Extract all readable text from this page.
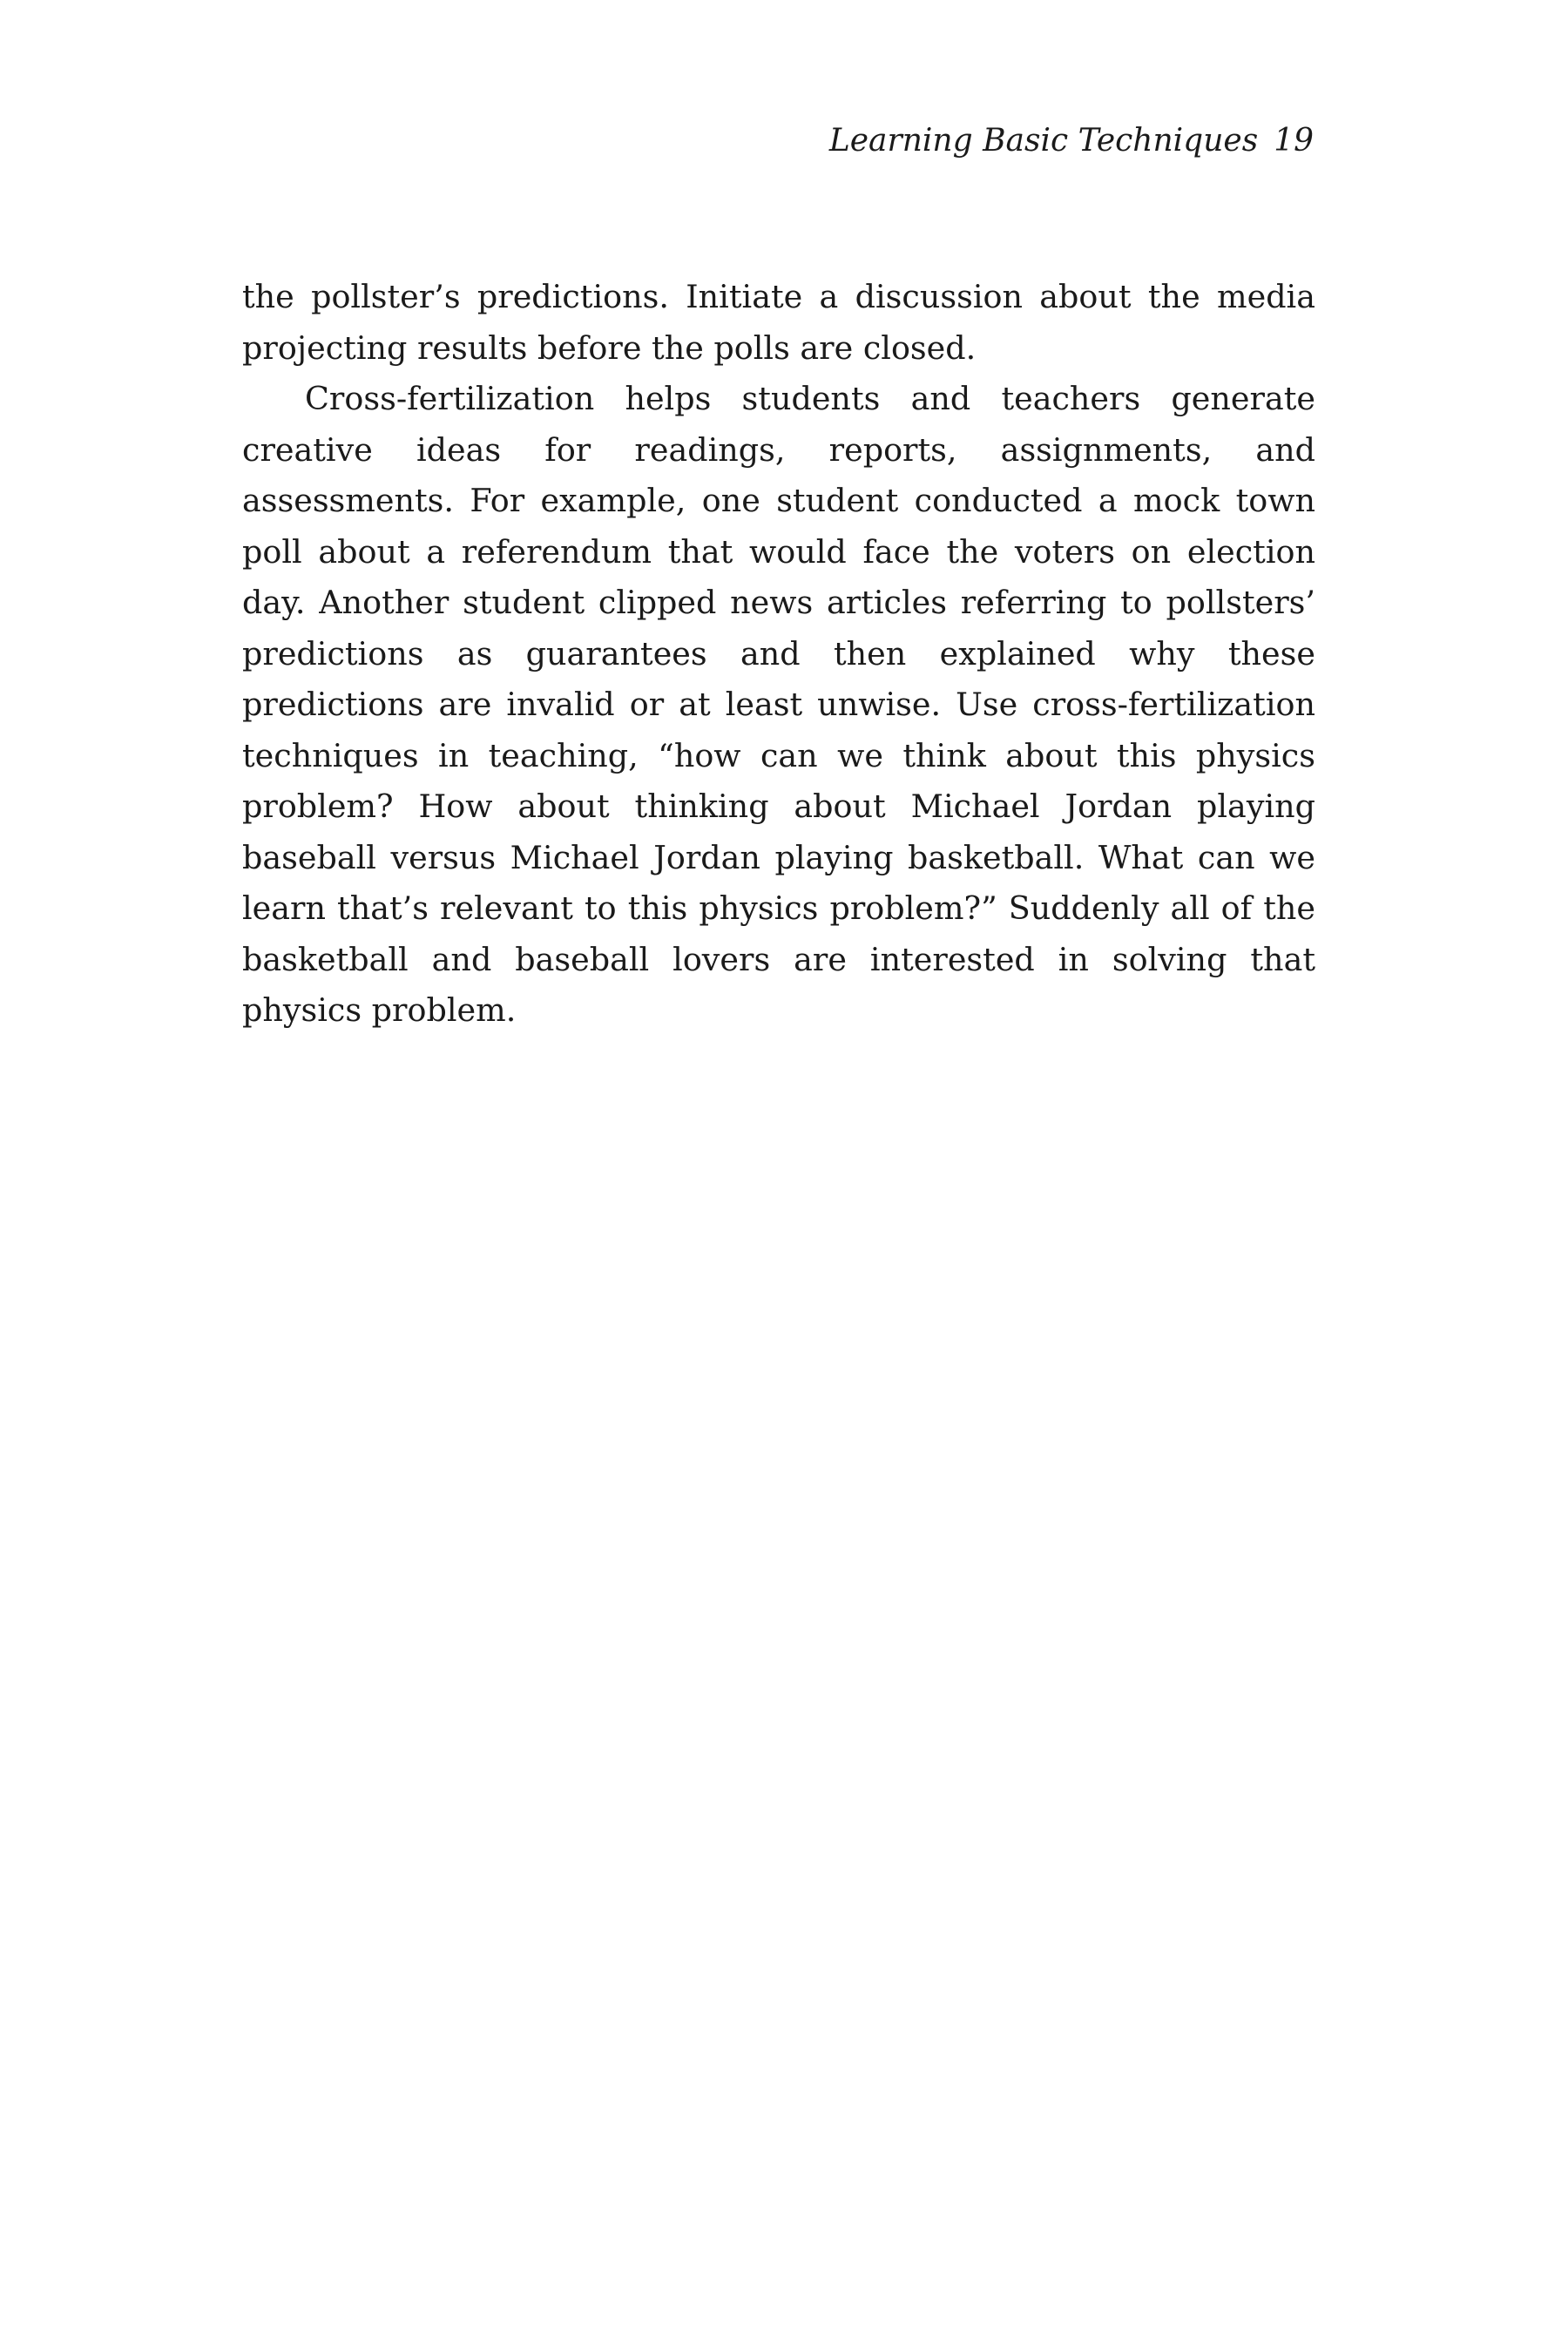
Learning Basic Techniques 19

the pollster’s predictions. Initiate a discussion about the media projecting results before the polls are closed.

Cross-fertilization helps students and teachers generate creative ideas for readings, reports, assignments, and assessments. For example, one student conducted a mock town poll about a referendum that would face the voters on election day. Another student clipped news articles referring to pollsters’ predictions as guarantees and then explained why these predictions are invalid or at least unwise. Use cross-fertilization techniques in teaching, “how can we think about this physics problem? How about thinking about Michael Jordan playing baseball versus Michael Jordan playing basketball. What can we learn that’s relevant to this physics problem?” Suddenly all of the basketball and baseball lovers are interested in solving that physics problem.
